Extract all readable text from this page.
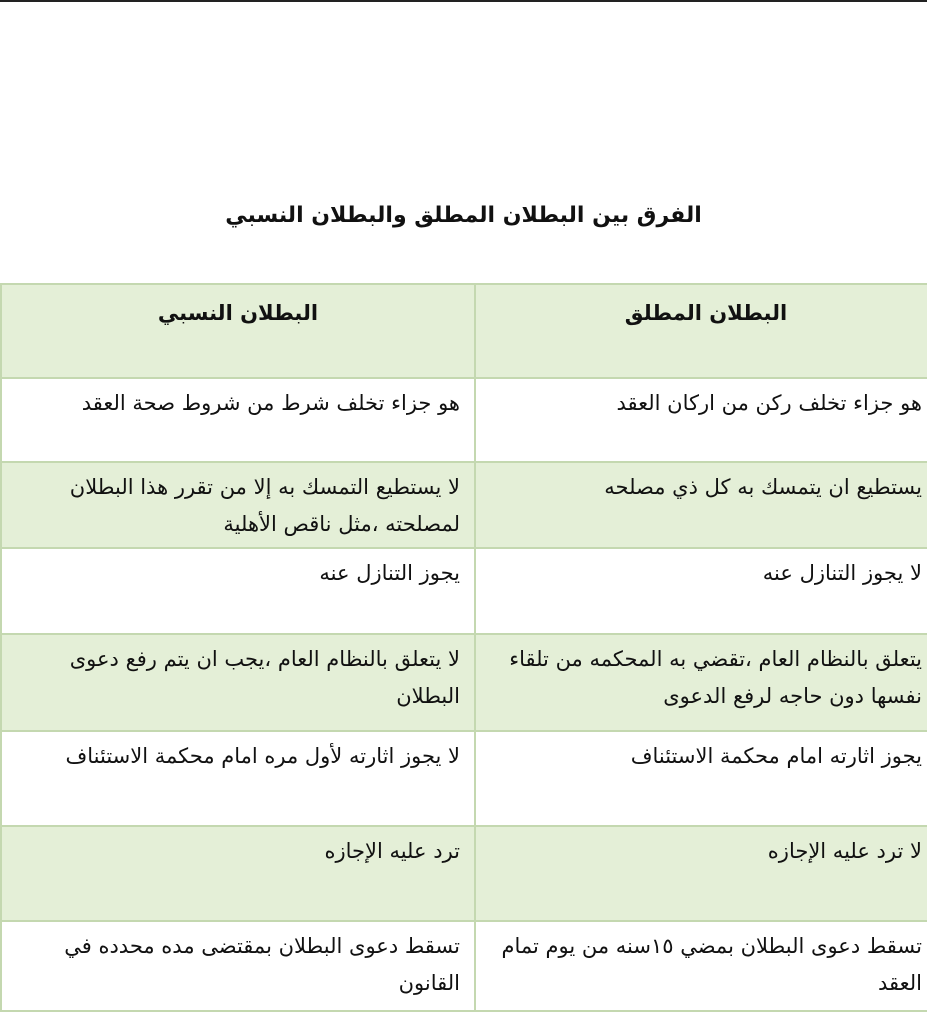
الفرق بين البطلان المطلق والبطلان النسبي
البطلان المطلق	البطلان النسبي
هو جزاء تخلف ركن من اركان العقد	هو جزاء تخلف شرط من شروط صحة العقد
يستطيع ان يتمسك به كل ذي مصلحه	لا يستطيع التمسك به إلا من تقرر هذا البطلان لمصلحته ،مثل ناقص الأهلية
لا يجوز التنازل عنه	يجوز التنازل عنه
يتعلق بالنظام العام ،تقضي به المحكمه من تلقاء نفسها دون حاجه لرفع الدعوى	لا يتعلق بالنظام العام ،يجب ان يتم رفع دعوى البطلان
يجوز اثارته امام محكمة الاستئناف	لا يجوز اثارته لأول مره امام محكمة الاستئناف
لا ترد عليه الإجازه	ترد عليه الإجازه
تسقط دعوى البطلان بمضي ١٥سنه من يوم تمام العقد	تسقط دعوى البطلان بمقتضى مده محدده في القانون
